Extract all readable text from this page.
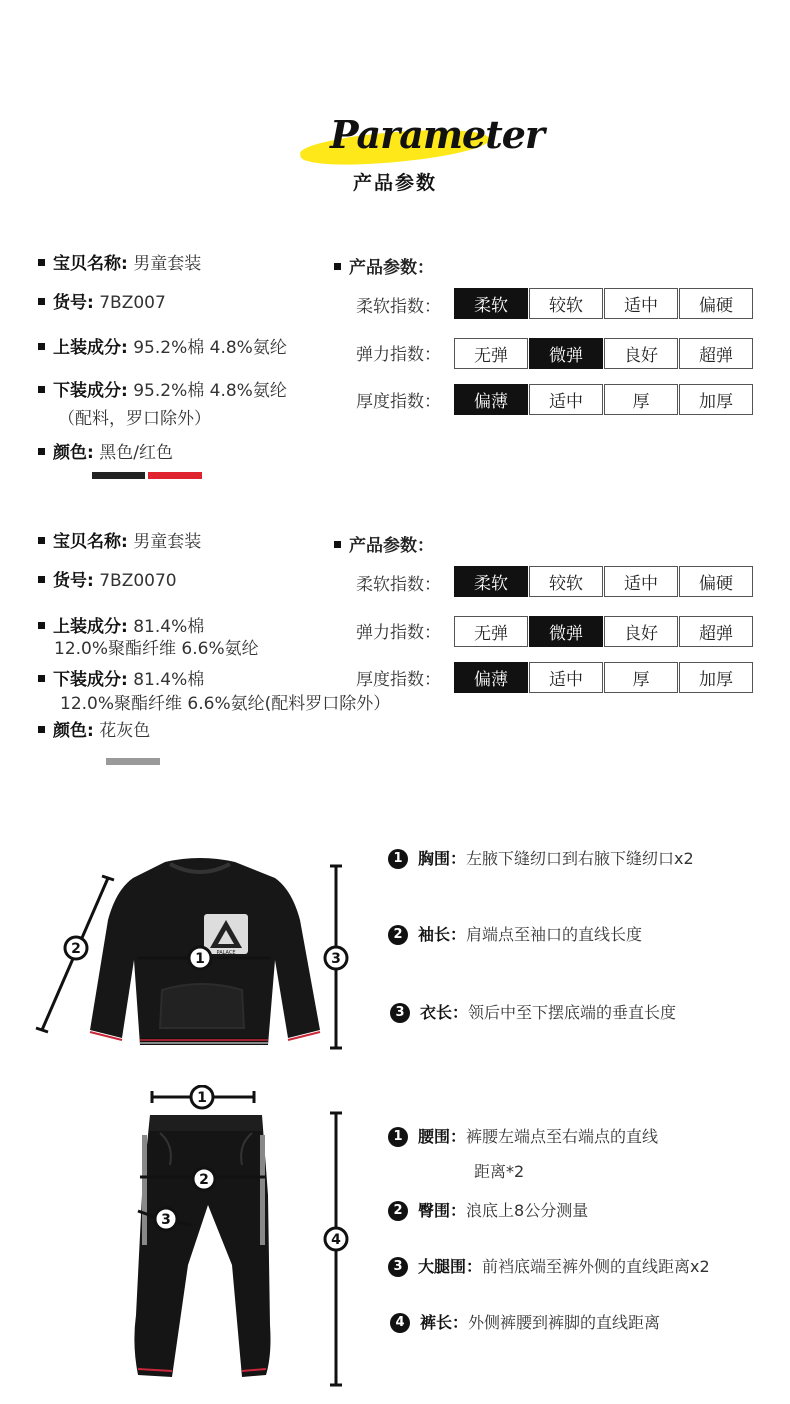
Parameter
产品参数
宝贝名称: 男童套装
货号: 7BZ007
上装成分: 95.2%棉 4.8%氨纶
下装成分: 95.2%棉 4.8%氨纶
（配料，罗口除外）
颜色: 黑色/红色
产品参数：
柔软指数：	柔软	较软	适中	偏硬
弹力指数：	无弹	微弹	良好	超弹
厚度指数：	偏薄	适中	厚	加厚
宝贝名称: 男童套装
货号: 7BZ0070
上装成分: 81.4%棉
12.0%聚酯纤维 6.6%氨纶
下装成分: 81.4%棉
12.0%聚酯纤维 6.6%氨纶(配料罗口除外）
颜色: 花灰色
产品参数：
柔软指数：	柔软	较软	适中	偏硬
弹力指数：	无弹	微弹	良好	超弹
厚度指数：	偏薄	适中	厚	加厚
PALACE
1
2
3
1 胸围： 左腋下缝纫口到右腋下缝纫口x2
2 袖长： 肩端点至袖口的直线长度
3 衣长： 领后中至下摆底端的垂直长度
1
2
3
4
1 腰围： 裤腰左端点至右端点的直线
距离*2
2 臀围： 浪底上8公分测量
3 大腿围： 前裆底端至裤外侧的直线距离x2
4 裤长： 外侧裤腰到裤脚的直线距离
